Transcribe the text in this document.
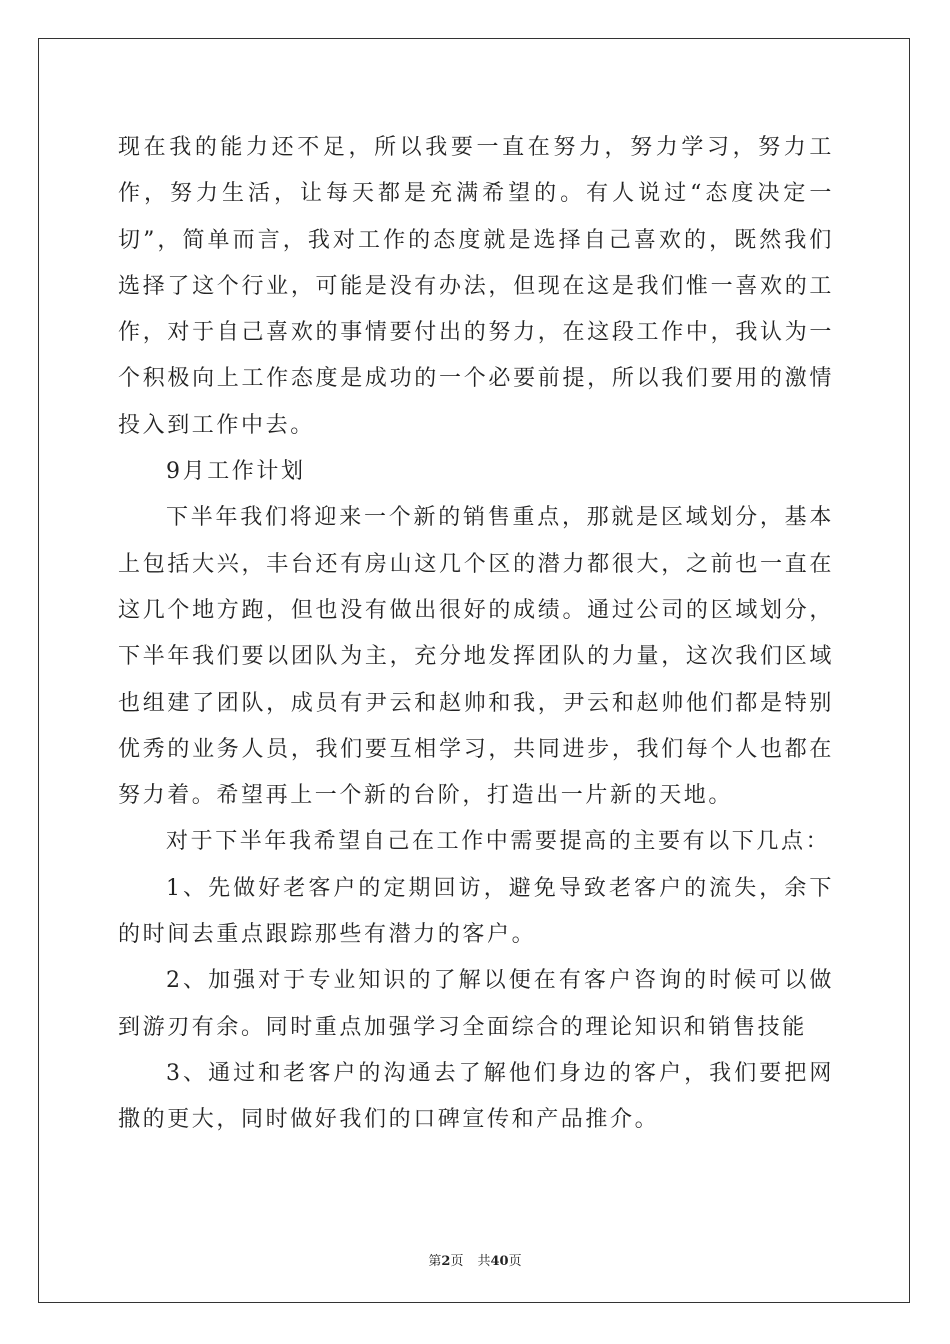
现在我的能力还不足，所以我要一直在努力，努力学习，努力工作，努力生活，让每天都是充满希望的。有人说过“态度决定一切”，简单而言，我对工作的态度就是选择自己喜欢的，既然我们选择了这个行业，可能是没有办法，但现在这是我们惟一喜欢的工作，对于自己喜欢的事情要付出的努力，在这段工作中，我认为一个积极向上工作态度是成功的一个必要前提，所以我们要用的激情投入到工作中去。

9月工作计划

下半年我们将迎来一个新的销售重点，那就是区域划分，基本上包括大兴，丰台还有房山这几个区的潜力都很大，之前也一直在这几个地方跑，但也没有做出很好的成绩。通过公司的区域划分，下半年我们要以团队为主，充分地发挥团队的力量，这次我们区域也组建了团队，成员有尹云和赵帅和我，尹云和赵帅他们都是特别优秀的业务人员，我们要互相学习，共同进步，我们每个人也都在努力着。希望再上一个新的台阶，打造出一片新的天地。

对于下半年我希望自己在工作中需要提高的主要有以下几点：

1、先做好老客户的定期回访，避免导致老客户的流失，余下的时间去重点跟踪那些有潜力的客户。

2、加强对于专业知识的了解以便在有客户咨询的时候可以做到游刃有余。同时重点加强学习全面综合的理论知识和销售技能

3、通过和老客户的沟通去了解他们身边的客户，我们要把网撒的更大，同时做好我们的口碑宣传和产品推介。

第2页 共40页
